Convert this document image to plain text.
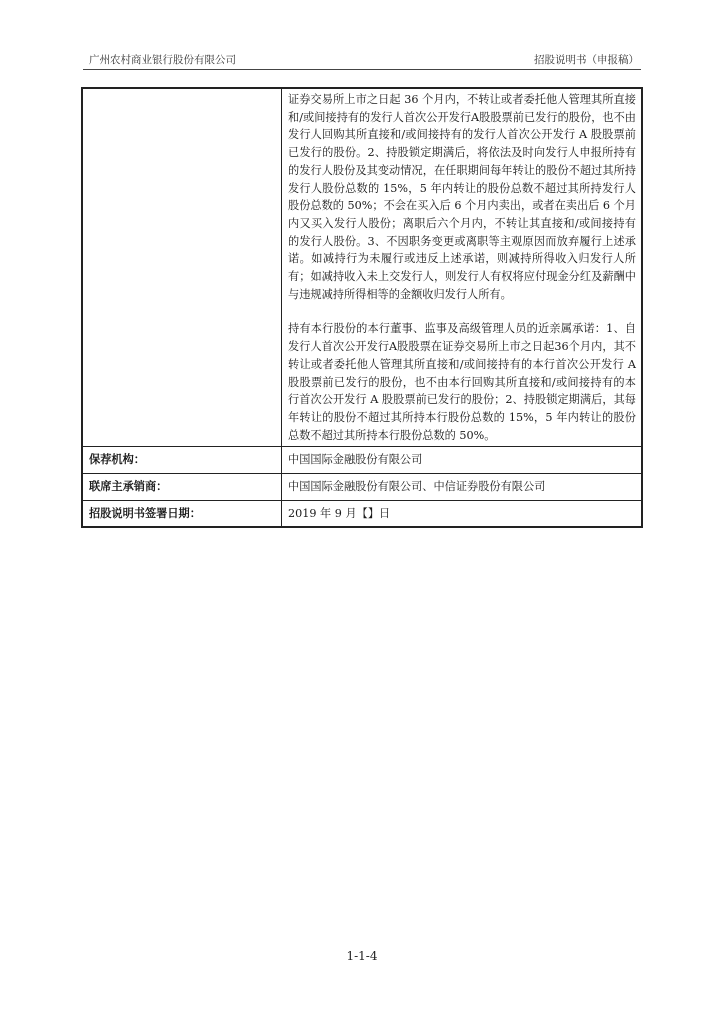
广州农村商业银行股份有限公司	招股说明书（申报稿）

	证券交易所上市之日起 36 个月内，不转让或者委托他人管理其所直接和/或间接持有的发行人首次公开发行A股股票前已发行的股份，也不由发行人回购其所直接和/或间接持有的发行人首次公开发行 A 股股票前已发行的股份。2、持股锁定期满后，将依法及时向发行人申报所持有的发行人股份及其变动情况，在任职期间每年转让的股份不超过其所持发行人股份总数的 15%，5 年内转让的股份总数不超过其所持发行人股份总数的 50%；不会在买入后 6 个月内卖出，或者在卖出后 6 个月内又买入发行人股份；离职后六个月内，不转让其直接和/或间接持有的发行人股份。3、不因职务变更或离职等主观原因而放弃履行上述承诺。如减持行为未履行或违反上述承诺，则减持所得收入归发行人所有；如减持收入未上交发行人，则发行人有权将应付现金分红及薪酬中与违规减持所得相等的金额收归发行人所有。

持有本行股份的本行董事、监事及高级管理人员的近亲属承诺：1、自发行人首次公开发行A股股票在证券交易所上市之日起36个月内，其不转让或者委托他人管理其所直接和/或间接持有的本行首次公开发行 A 股股票前已发行的股份，也不由本行回购其所直接和/或间接持有的本行首次公开发行 A 股股票前已发行的股份；2、持股锁定期满后，其每年转让的股份不超过其所持本行股份总数的 15%，5 年内转让的股份总数不超过其所持本行股份总数的 50%。

保荐机构：	中国国际金融股份有限公司
联席主承销商：	中国国际金融股份有限公司、中信证券股份有限公司
招股说明书签署日期：	2019 年 9 月【】日
1-1-4
